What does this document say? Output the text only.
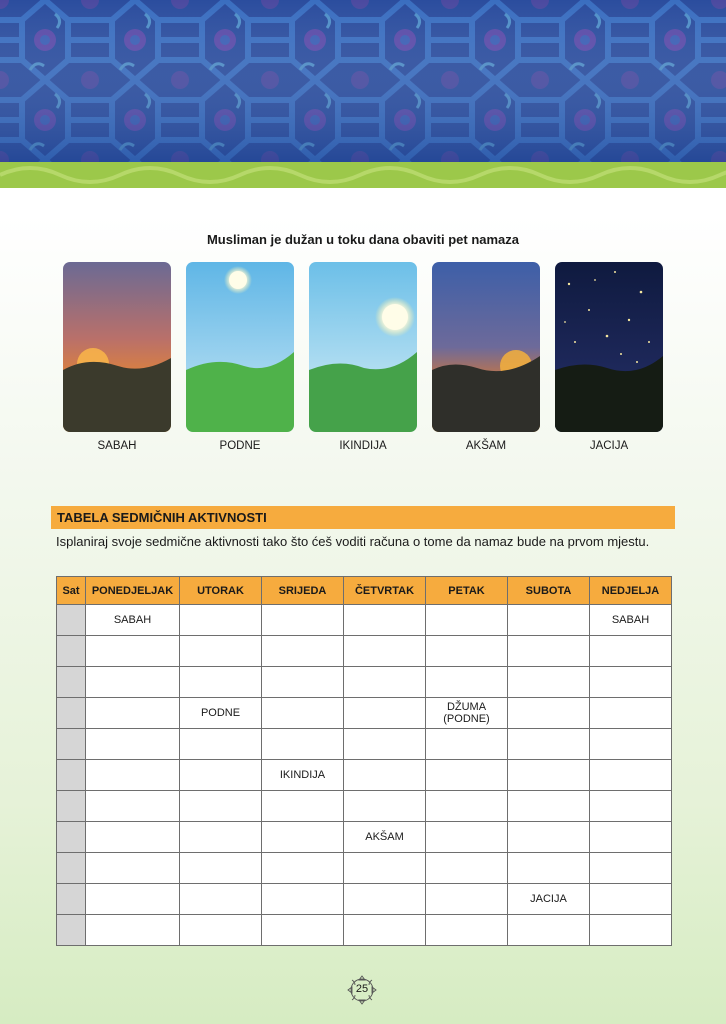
Musliman je dužan u toku dana obaviti pet namaza
SABAH	PODNE	IKINDIJA	AKŠAM	JACIJA
TABELA SEDMIČNIH AKTIVNOSTI
Isplaniraj svoje sedmične aktivnosti tako što ćeš voditi računa o tome da namaz bude na prvom mjestu.
Sat	PONEDJELJAK	UTORAK	SRIJEDA	ČETVRTAK	PETAK	SUBOTA	NEDJELJA
	SABAH						SABAH

		PODNE			DŽUMA
(PODNE)		

			IKINDIJA				

				AKŠAM			

						JACIJA	

25
